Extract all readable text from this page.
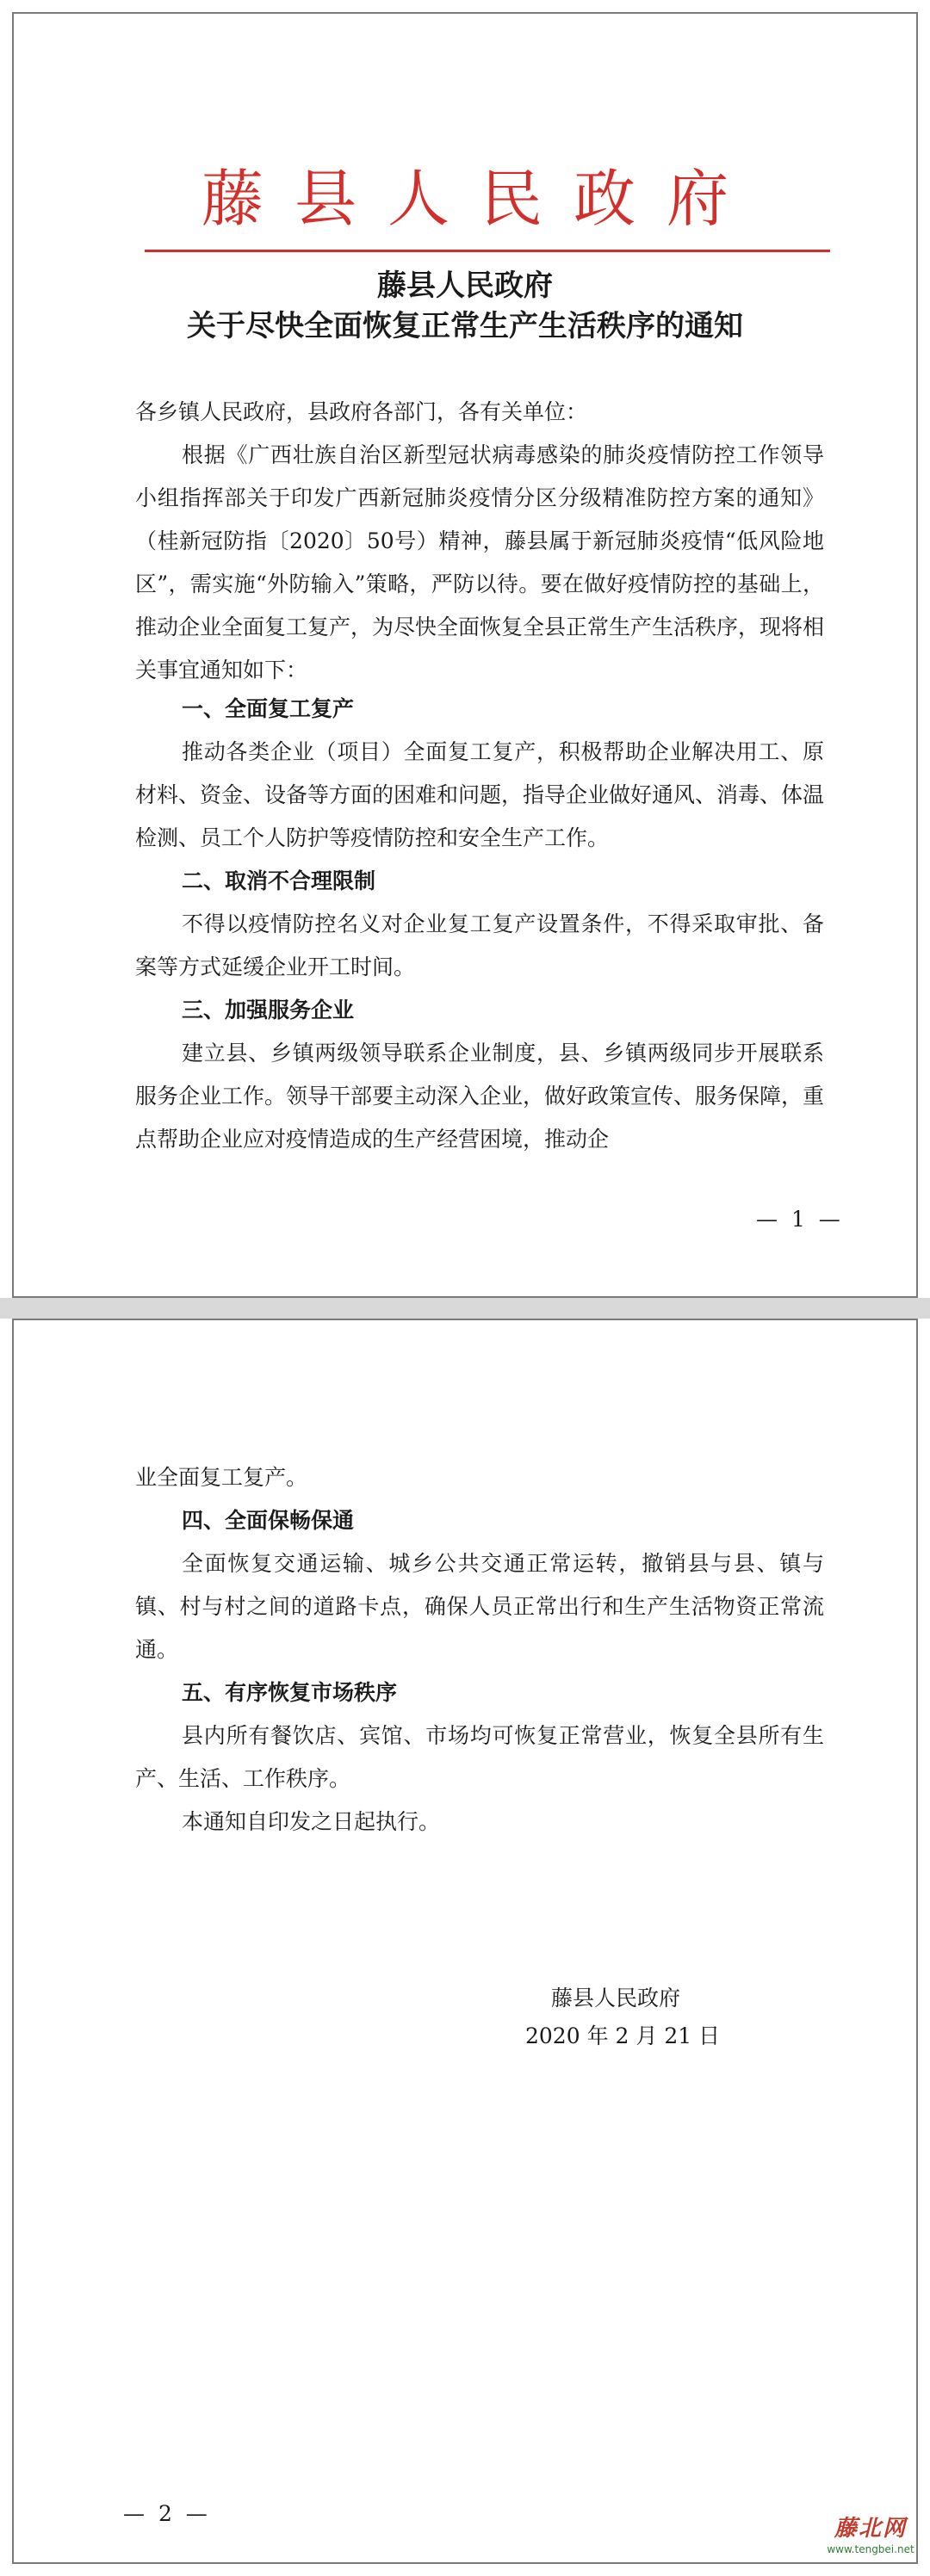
藤县人民政府
藤县人民政府
关于尽快全面恢复正常生产生活秩序的通知
各乡镇人民政府，县政府各部门，各有关单位：
根据《广西壮族自治区新型冠状病毒感染的肺炎疫情防控工作领导小组指挥部关于印发广西新冠肺炎疫情分区分级精准防控方案的通知》（桂新冠防指〔2020〕50号）精神，藤县属于新冠肺炎疫情“低风险地区”，需实施“外防输入”策略，严防以待。要在做好疫情防控的基础上，推动企业全面复工复产，为尽快全面恢复全县正常生产生活秩序，现将相关事宜通知如下：
一、全面复工复产
推动各类企业（项目）全面复工复产，积极帮助企业解决用工、原材料、资金、设备等方面的困难和问题，指导企业做好通风、消毒、体温检测、员工个人防护等疫情防控和安全生产工作。
二、取消不合理限制
不得以疫情防控名义对企业复工复产设置条件，不得采取审批、备案等方式延缓企业开工时间。
三、加强服务企业
建立县、乡镇两级领导联系企业制度，县、乡镇两级同步开展联系服务企业工作。领导干部要主动深入企业，做好政策宣传、服务保障，重点帮助企业应对疫情造成的生产经营困境，推动企
— 1 —
业全面复工复产。
四、全面保畅保通
全面恢复交通运输、城乡公共交通正常运转，撤销县与县、镇与镇、村与村之间的道路卡点，确保人员正常出行和生产生活物资正常流通。
五、有序恢复市场秩序
县内所有餐饮店、宾馆、市场均可恢复正常营业，恢复全县所有生产、生活、工作秩序。
本通知自印发之日起执行。
藤县人民政府
2020 年 2 月 21 日
— 2 —
藤北网
www.tengbei.net
